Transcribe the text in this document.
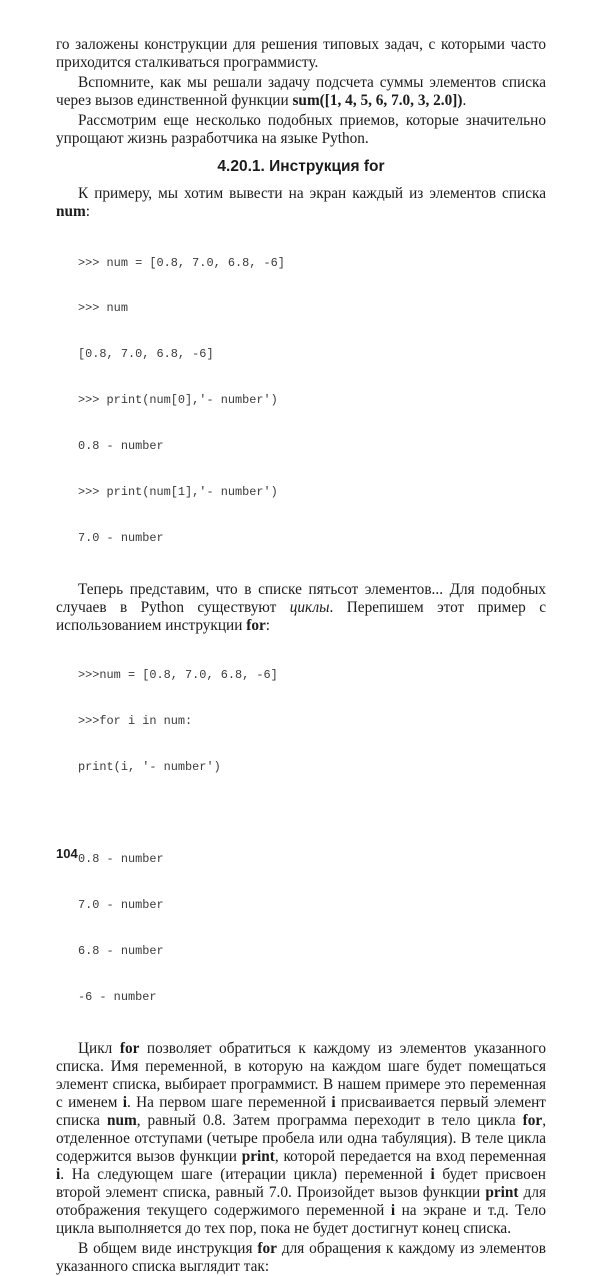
го заложены конструкции для решения типовых задач, с которыми часто приходится сталкиваться программисту.

Вспомните, как мы решали задачу подсчета суммы элементов списка через вызов единственной функции sum([1, 4, 5, 6, 7.0, 3, 2.0]).

Рассмотрим еще несколько подобных приемов, которые значительно упрощают жизнь разработчика на языке Python.

4.20.1. Инструкция for

К примеру, мы хотим вывести на экран каждый из элементов списка num:

>>> num = [0.8, 7.0, 6.8, -6]

>>> num

[0.8, 7.0, 6.8, -6]

>>> print(num[0],'- number')

0.8 - number

>>> print(num[1],'- number')

7.0 - number

Теперь представим, что в списке пятьсот элементов... Для подобных случаев в Python существуют циклы. Перепишем этот пример с использованием инструкции for:

>>>num = [0.8, 7.0, 6.8, -6]

>>>for i in num:

print(i, '- number')

0.8 - number

7.0 - number

6.8 - number

-6 - number

Цикл for позволяет обратиться к каждому из элементов указанного списка. Имя переменной, в которую на каждом шаге будет помещаться элемент списка, выбирает программист. В нашем примере это переменная с именем i. На первом шаге переменной i присваивается первый элемент списка num, равный 0.8. Затем программа переходит в тело цикла for, отделенное отступами (четыре пробела или одна табуляция). В теле цикла содержится вызов функции print, которой передается на вход переменная i. На следующем шаге (итерации цикла) переменной i будет присвоен второй элемент списка, равный 7.0. Произойдет вызов функции print для отображения текущего содержимого переменной i на экране и т.д. Тело цикла выполняется до тех пор, пока не будет достигнут конец списка.

В общем виде инструкция for для обращения к каждому из элементов указанного списка выглядит так:

104
